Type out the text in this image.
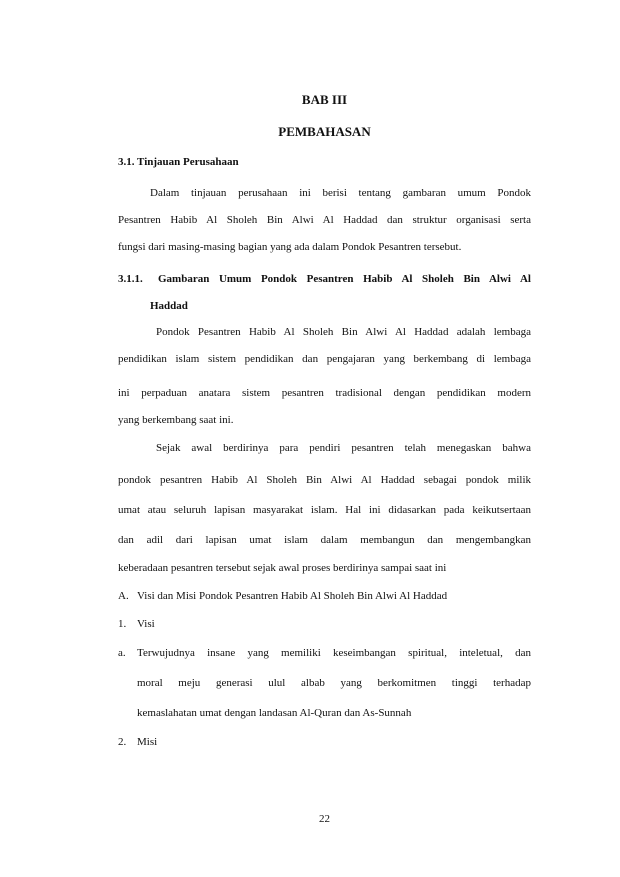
BAB III
PEMBAHASAN
3.1. Tinjauan Perusahaan
Dalam tinjauan perusahaan ini berisi tentang gambaran umum Pondok
Pesantren Habib Al Sholeh Bin Alwi Al Haddad dan struktur organisasi serta
fungsi dari masing-masing bagian yang ada dalam Pondok Pesantren tersebut.
3.1.1. Gambaran Umum Pondok Pesantren Habib Al Sholeh Bin Alwi Al
Haddad
Pondok Pesantren Habib Al Sholeh Bin Alwi Al Haddad adalah lembaga
pendidikan islam sistem pendidikan dan pengajaran yang berkembang di lembaga
ini perpaduan anatara sistem pesantren tradisional dengan pendidikan modern
yang berkembang saat ini.
Sejak awal berdirinya para pendiri pesantren telah menegaskan bahwa
pondok pesantren Habib Al Sholeh Bin Alwi Al Haddad sebagai pondok milik
umat atau seluruh lapisan masyarakat islam. Hal ini didasarkan pada keikutsertaan
dan adil dari lapisan umat islam dalam membangun dan mengembangkan
keberadaan pesantren tersebut sejak awal proses berdirinya sampai saat ini
A. Visi dan Misi Pondok Pesantren Habib Al Sholeh Bin Alwi Al Haddad
1. Visi
a. Terwujudnya insane yang memiliki keseimbangan spiritual, inteletual, dan
moral meju generasi ulul albab yang berkomitmen tinggi terhadap
kemaslahatan umat dengan landasan Al-Quran dan As-Sunnah
2. Misi
22
